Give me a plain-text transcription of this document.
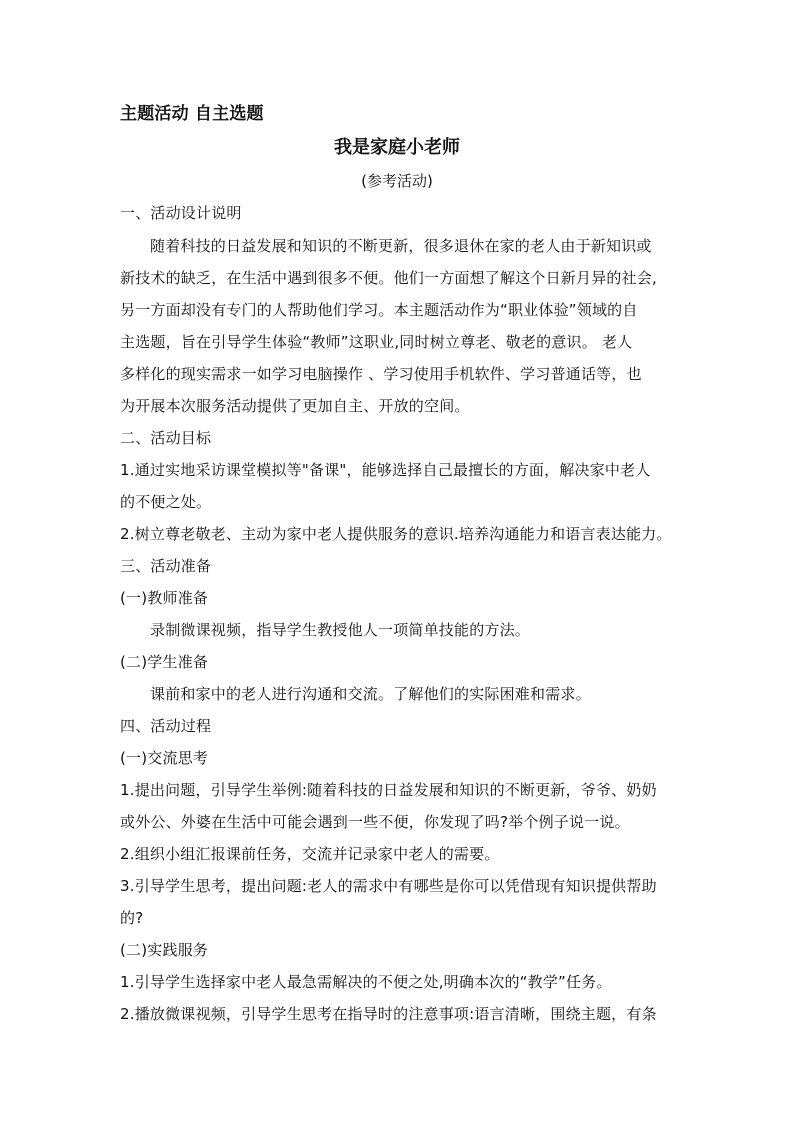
主题活动 自主选题
我是家庭小老师
(参考活动)
一、活动设计说明
随着科技的日益发展和知识的不断更新，很多退休在家的老人由于新知识或
新技术的缺乏，在生活中遇到很多不便。他们一方面想了解这个日新月异的社会,
另一方面却没有专门的人帮助他们学习。本主题活动作为“职业体验”领域的自
主选题，旨在引导学生体验“教师”这职业,同时树立尊老、敬老的意识。 老人
多样化的现实需求一如学习电脑操作 、学习使用手机软件、学习普通话等，也
为开展本次服务活动提供了更加自主、开放的空间。
二、活动目标
1.通过实地采访课堂模拟等"备课"，能够选择自己最擅长的方面，解决家中老人
的不便之处。
2.树立尊老敬老、主动为家中老人提供服务的意识.培养沟通能力和语言表达能力。
三、活动准备
(一)教师准备
录制微课视频，指导学生教授他人一项简单技能的方法。
(二)学生准备
课前和家中的老人进行沟通和交流。了解他们的实际困难和需求。
四、活动过程
(一)交流思考
1.提出问题，引导学生举例:随着科技的日益发展和知识的不断更新，爷爷、奶奶
或外公、外婆在生活中可能会遇到一些不便，你发现了吗?举个例子说一说。
2.组织小组汇报课前任务，交流并记录家中老人的需要。
3.引导学生思考，提出问题:老人的需求中有哪些是你可以凭借现有知识提供帮助
的?
(二)实践服务
1.引导学生选择家中老人最急需解决的不便之处,明确本次的“教学”任务。
2.播放微课视频，引导学生思考在指导时的注意事项:语言清晰，围绕主题，有条
